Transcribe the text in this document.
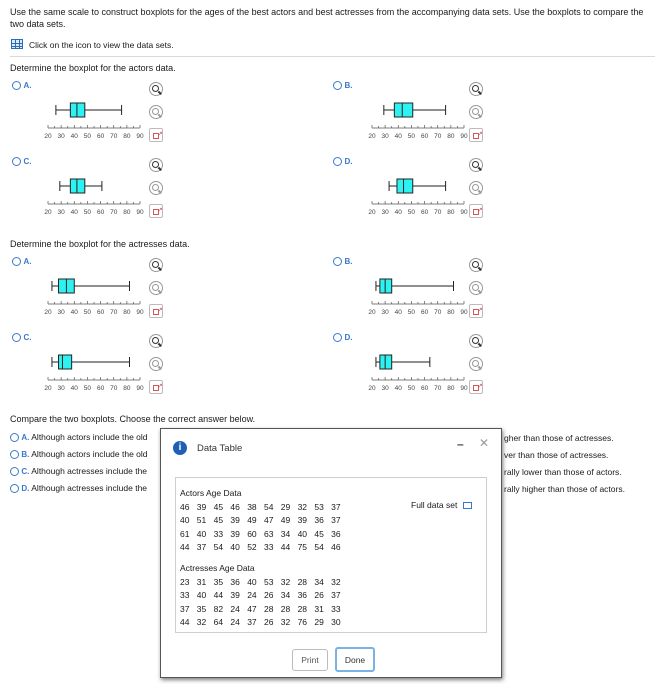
Use the same scale to construct boxplots for the ages of the best actors and best actresses from the accompanying data sets. Use the boxplots to compare the two data sets.
Click on the icon to view the data sets.
Determine the boxplot for the actors data.
Determine the boxplot for the actresses data.
A.
20 30 40 50 60 70 80 90 ↗
B.
20 30 40 50 60 70 80 90 ↗
C.
20 30 40 50 60 70 80 90 ↗
D.
20 30 40 50 60 70 80 90 ↗
A.
20 30 40 50 60 70 80 90 ↗
B.
20 30 40 50 60 70 80 90 ↗
C.
20 30 40 50 60 70 80 90 ↗
D.
20 30 40 50 60 70 80 90 ↗
Compare the two boxplots. Choose the correct answer below.
A. Although actors include the old	gher than those of actresses.
B. Although actors include the old	ver than those of actresses.
C. Although actresses include the	rally lower than those of actors.
D. Although actresses include the	rally higher than those of actors.
i	Data Table	– ✕
Actors Age Data
46	39	45	46	38	54	29	32	53	37
40	51	45	39	49	47	49	39	36	37
61	40	33	39	60	63	34	40	45	36
44	37	54	40	52	33	44	75	54	46
Full data set
Actresses Age Data
23	31	35	36	40	53	32	28	34	32
33	40	44	39	24	26	34	36	26	37
37	35	82	24	47	28	28	28	31	33
44	32	64	24	37	26	32	76	29	30
Print	Done
